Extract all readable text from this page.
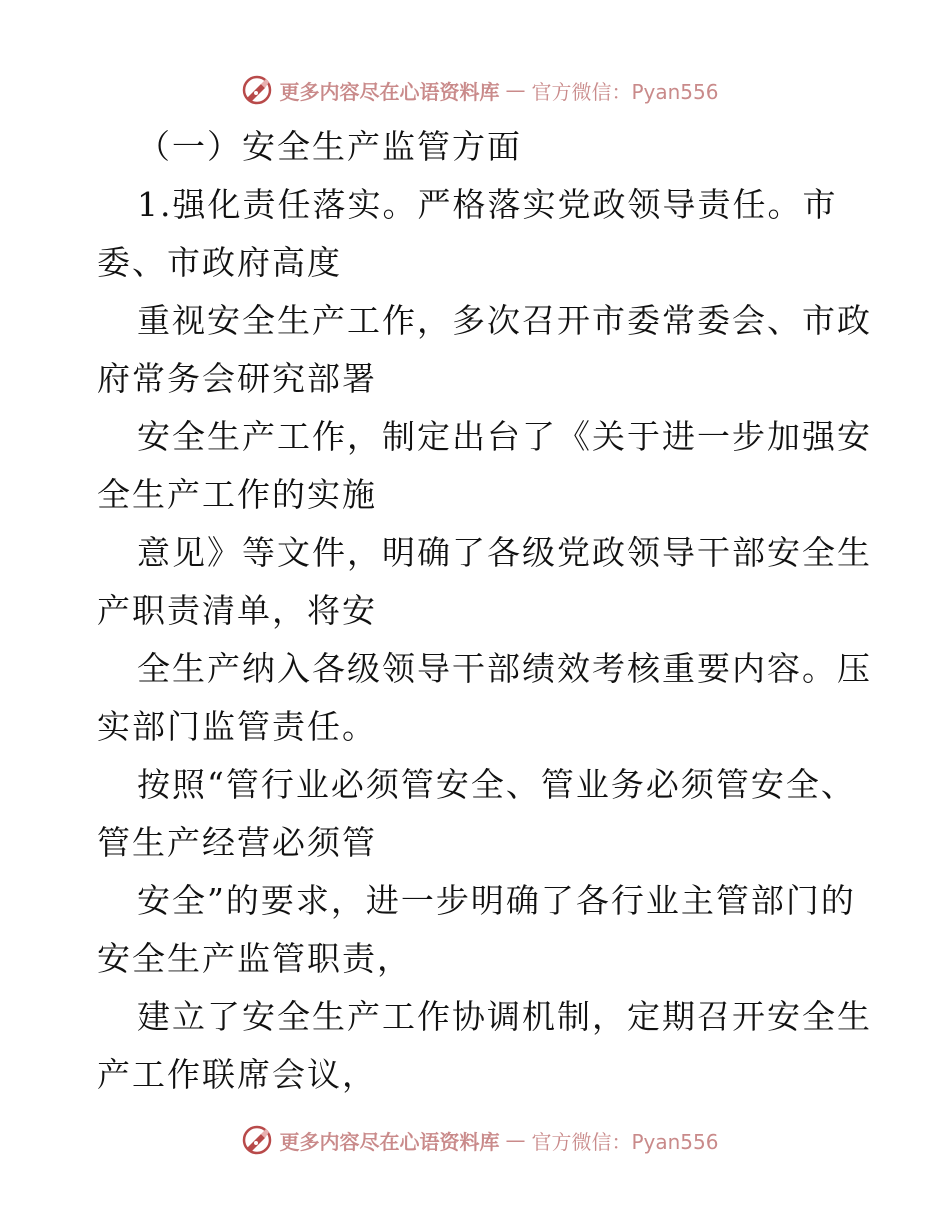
更多内容尽在心语资料库 — 官方微信：Pyan556
（一）安全生产监管方面
1.强化责任落实。严格落实党政领导责任。市
委、市政府高度
重视安全生产工作，多次召开市委常委会、市政
府常务会研究部署
安全生产工作，制定出台了《关于进一步加强安
全生产工作的实施
意见》等文件，明确了各级党政领导干部安全生
产职责清单，将安
全生产纳入各级领导干部绩效考核重要内容。压
实部门监管责任。
按照“管行业必须管安全、管业务必须管安全、
管生产经营必须管
安全”的要求，进一步明确了各行业主管部门的
安全生产监管职责，
建立了安全生产工作协调机制，定期召开安全生
产工作联席会议，
更多内容尽在心语资料库 — 官方微信：Pyan556
